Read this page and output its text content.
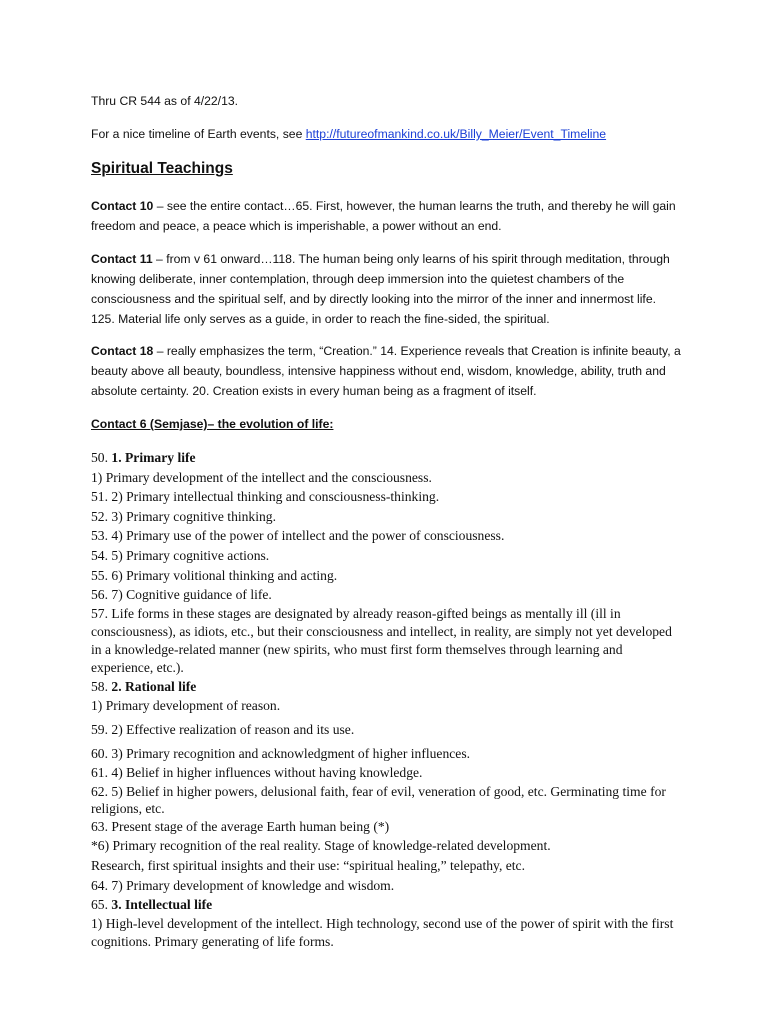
Thru CR 544 as of 4/22/13.
For a nice timeline of Earth events, see http://futureofmankind.co.uk/Billy_Meier/Event_Timeline
Spiritual Teachings
Contact 10 – see the entire contact…65. First, however, the human learns the truth, and thereby he will gain freedom and peace, a peace which is imperishable, a power without an end.
Contact 11 – from v 61 onward…118. The human being only learns of his spirit through meditation, through knowing deliberate, inner contemplation, through deep immersion into the quietest chambers of the consciousness and the spiritual self, and by directly looking into the mirror of the inner and innermost life. 125. Material life only serves as a guide, in order to reach the fine-sided, the spiritual.
Contact 18 – really emphasizes the term, “Creation.” 14. Experience reveals that Creation is infinite beauty, a beauty above all beauty, boundless, intensive happiness without end, wisdom, knowledge, ability, truth and absolute certainty. 20. Creation exists in every human being as a fragment of itself.
Contact 6 (Semjase)– the evolution of life:
50. 1. Primary life
1) Primary development of the intellect and the consciousness.
51. 2) Primary intellectual thinking and consciousness-thinking.
52. 3) Primary cognitive thinking.
53. 4) Primary use of the power of intellect and the power of consciousness.
54. 5) Primary cognitive actions.
55. 6) Primary volitional thinking and acting.
56. 7) Cognitive guidance of life.
57. Life forms in these stages are designated by already reason-gifted beings as mentally ill (ill in consciousness), as idiots, etc., but their consciousness and intellect, in reality, are simply not yet developed in a knowledge-related manner (new spirits, who must first form themselves through learning and experience, etc.).
58. 2. Rational life
1) Primary development of reason.
59. 2) Effective realization of reason and its use.
60. 3) Primary recognition and acknowledgment of higher influences.
61. 4) Belief in higher influences without having knowledge.
62. 5) Belief in higher powers, delusional faith, fear of evil, veneration of good, etc. Germinating time for religions, etc.
63. Present stage of the average Earth human being (*)
*6) Primary recognition of the real reality. Stage of knowledge-related development.
Research, first spiritual insights and their use: “spiritual healing,” telepathy, etc.
64. 7) Primary development of knowledge and wisdom.
65. 3. Intellectual life
1) High-level development of the intellect. High technology, second use of the power of spirit with the first cognitions. Primary generating of life forms.
